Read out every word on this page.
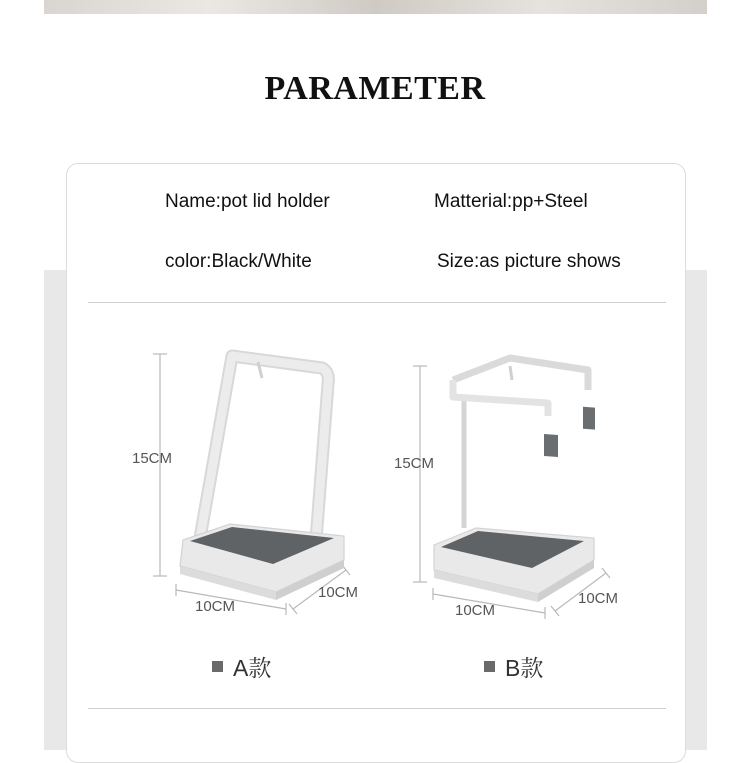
PARAMETER
Name:pot lid holder	Matterial:pp+Steel
color:Black/White	Size:as picture shows
15CM
10CM
10CM
15CM
10CM
10CM
A款	B款
